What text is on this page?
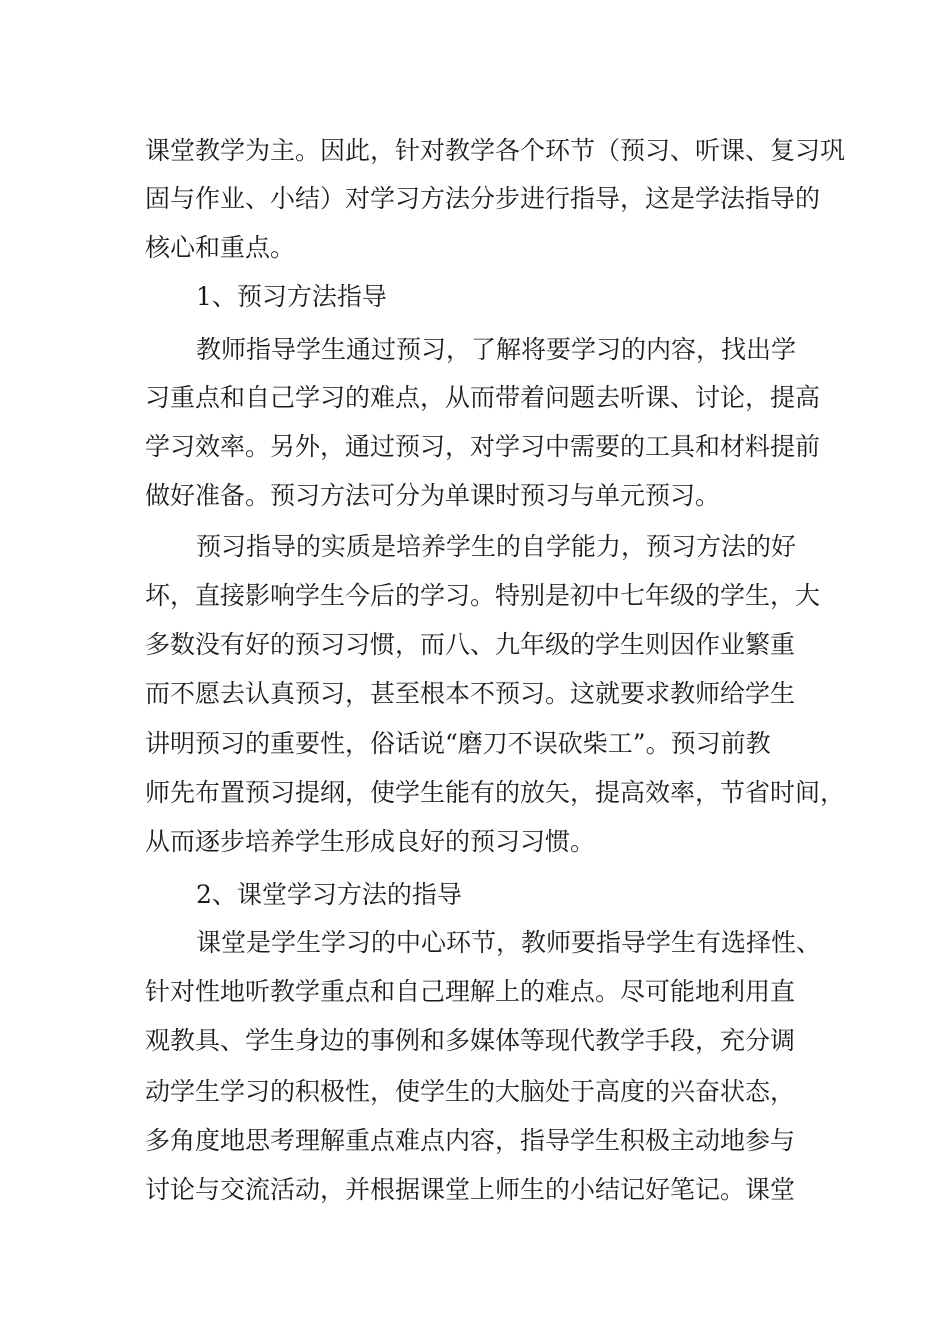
课堂教学为主。因此，针对教学各个环节（预习、听课、复习巩
固与作业、小结）对学习方法分步进行指导，这是学法指导的
核心和重点。
1、预习方法指导
教师指导学生通过预习，了解将要学习的内容，找出学
习重点和自己学习的难点，从而带着问题去听课、讨论，提高
学习效率。另外，通过预习，对学习中需要的工具和材料提前
做好准备。预习方法可分为单课时预习与单元预习。
预习指导的实质是培养学生的自学能力，预习方法的好
坏，直接影响学生今后的学习。特别是初中七年级的学生，大
多数没有好的预习习惯，而八、九年级的学生则因作业繁重
而不愿去认真预习，甚至根本不预习。这就要求教师给学生
讲明预习的重要性，俗话说“磨刀不误砍柴工”。预习前教
师先布置预习提纲，使学生能有的放矢，提高效率，节省时间，
从而逐步培养学生形成良好的预习习惯。
2、课堂学习方法的指导
课堂是学生学习的中心环节，教师要指导学生有选择性、
针对性地听教学重点和自己理解上的难点。尽可能地利用直
观教具、学生身边的事例和多媒体等现代教学手段，充分调
动学生学习的积极性，使学生的大脑处于高度的兴奋状态，
多角度地思考理解重点难点内容，指导学生积极主动地参与
讨论与交流活动，并根据课堂上师生的小结记好笔记。课堂
